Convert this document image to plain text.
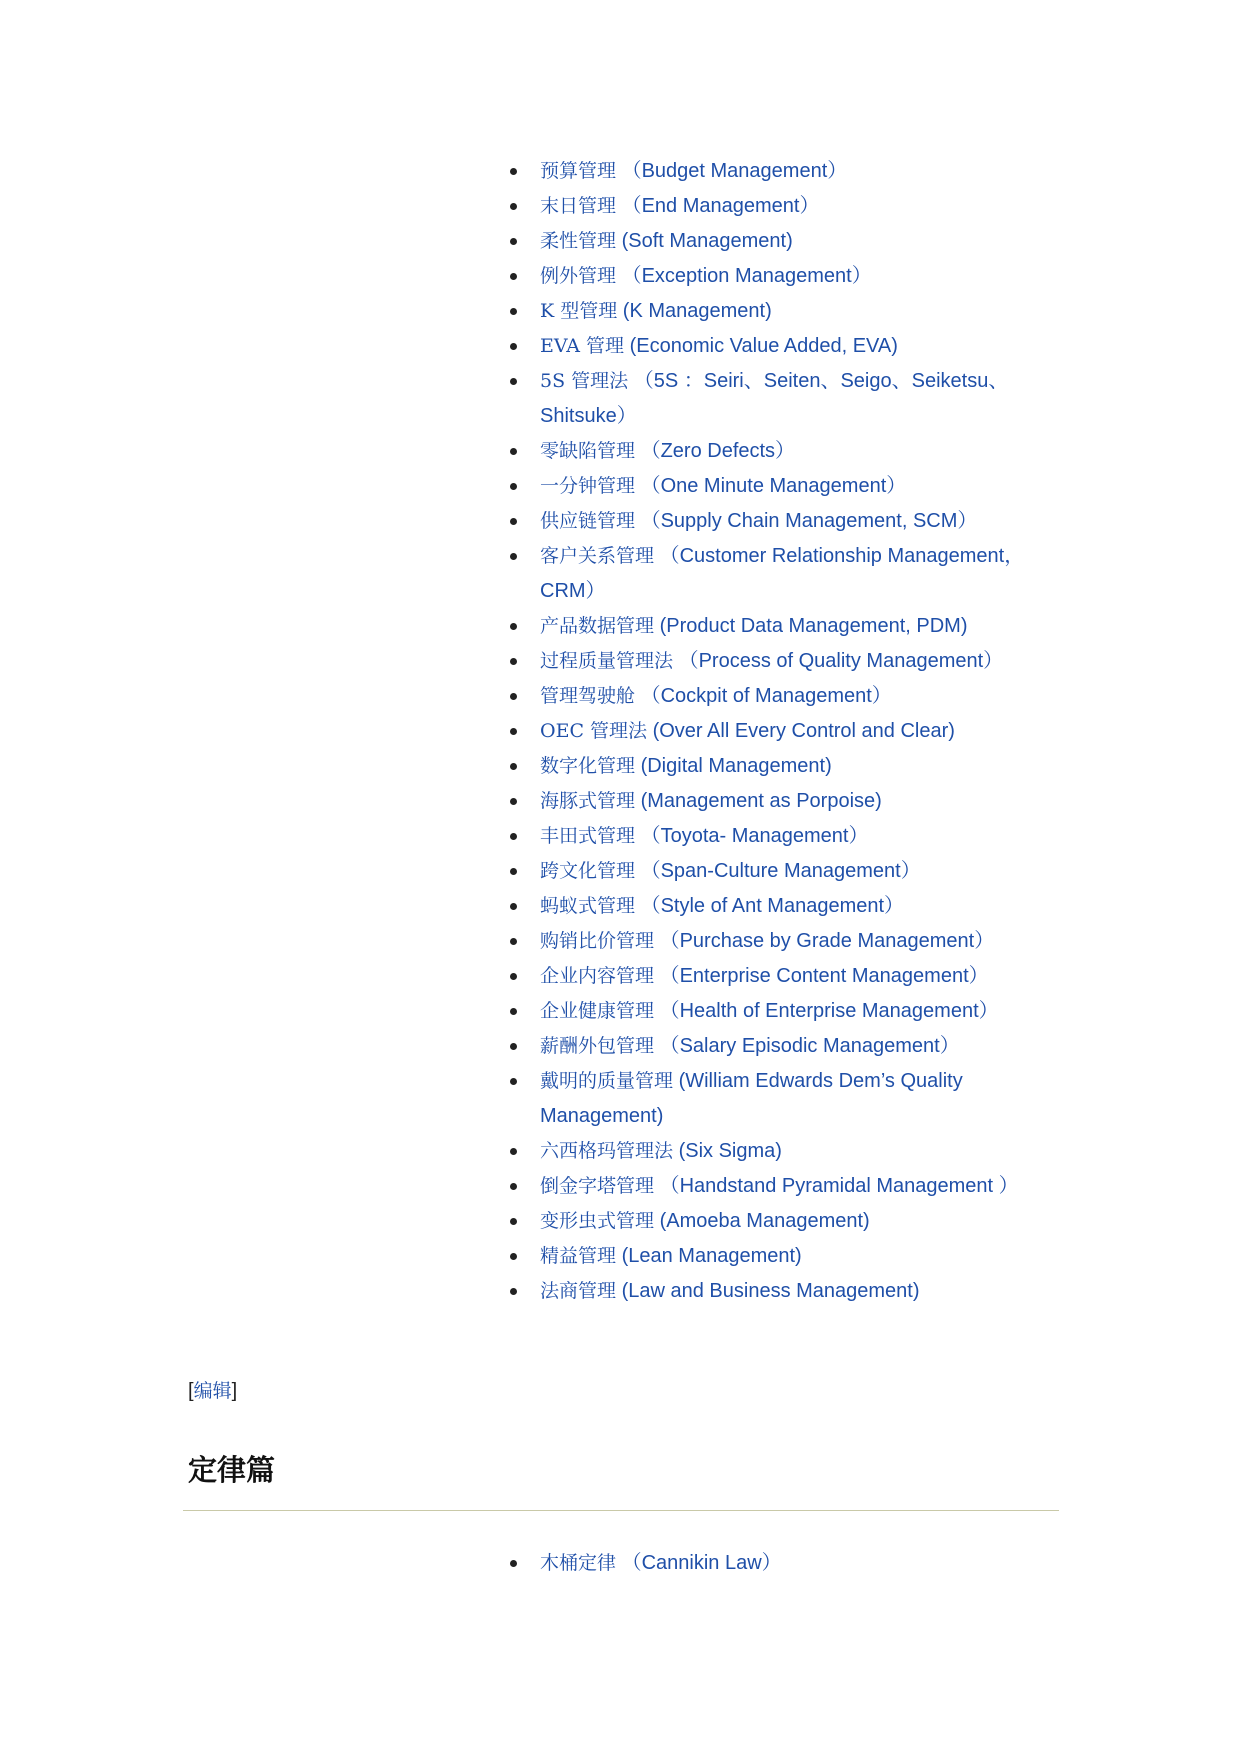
预算管理 （Budget Management）
末日管理 （End Management）
柔性管理 (Soft Management)
例外管理 （Exception Management）
K 型管理 (K Management)
EVA 管理 (Economic Value Added, EVA)
5S 管理法 （5S ：Seiri、Seiten、Seigo、Seiketsu、Shitsuke）
零缺陷管理 （Zero Defects）
一分钟管理 （One Minute Management）
供应链管理 （Supply Chain Management, SCM）
客户关系管理 （Customer Relationship Management，CRM）
产品数据管理 (Product Data Management, PDM)
过程质量管理法 （Process of Quality Management）
管理驾驶舱 （Cockpit of Management）
OEC 管理法 (Over All Every Control and Clear)
数字化管理 (Digital Management)
海豚式管理 (Management as Porpoise)
丰田式管理 （Toyota- Management）
跨文化管理 （Span-Culture Management）
蚂蚁式管理 （Style of Ant Management）
购销比价管理 （Purchase by Grade Management）
企业内容管理 （Enterprise Content Management）
企业健康管理 （Health of Enterprise Management）
薪酬外包管理 （Salary Episodic Management）
戴明的质量管理 (William Edwards Dem’s Quality Management)
六西格玛管理法 (Six Sigma)
倒金字塔管理 （Handstand Pyramidal Management ）
变形虫式管理 (Amoeba Management)
精益管理 (Lean Management)
法商管理 (Law and Business Management)
[编辑]
定律篇
木桶定律 （Cannikin Law）
